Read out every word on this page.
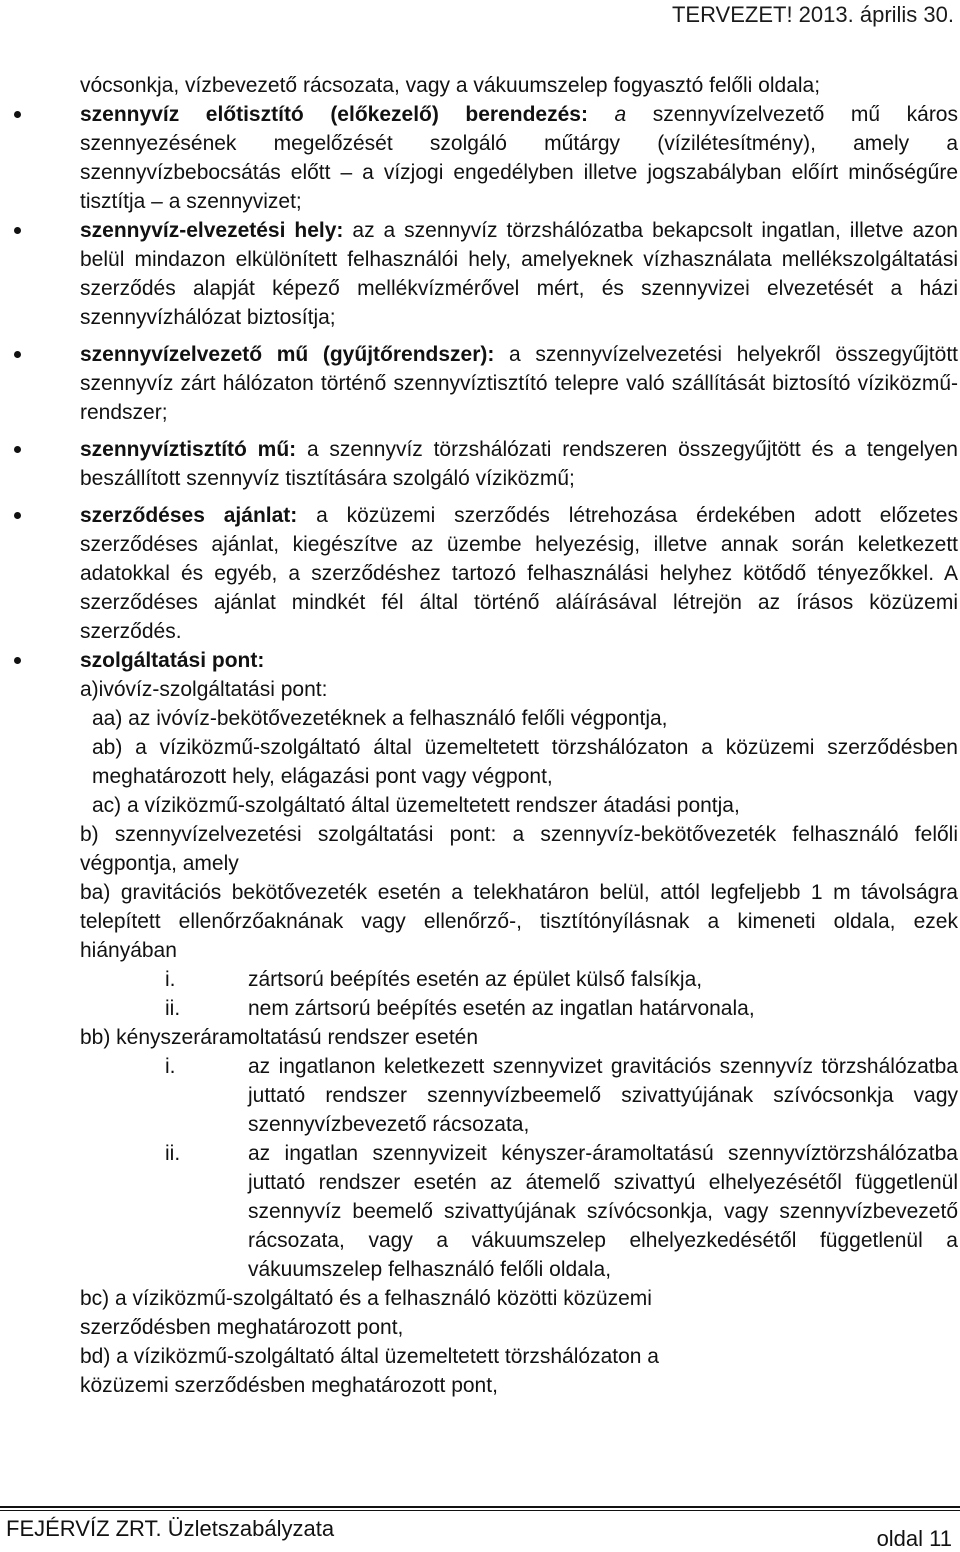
TERVEZET! 2013. április 30.

vócsonkja, vízbevezető rácsozata, vagy a vákuumszelep fogyasztó felőli oldala;

szennyvíz előtisztító (előkezelő) berendezés: a szennyvízelvezető mű káros szennyezésének megelőzését szolgáló műtárgy (vízilétesítmény), amely a szennyvízbebocsátás előtt – a vízjogi engedélyben illetve jogszabályban előírt minőségűre tisztítja – a szennyvizet;

szennyvíz-elvezetési hely: az a szennyvíz törzshálózatba bekapcsolt ingatlan, illetve azon belül mindazon elkülönített felhasználói hely, amelyeknek vízhasználata mellékszolgáltatási szerződés alapját képező mellékvízmérővel mért, és szennyvizei elvezetését a házi szennyvízhálózat biztosítja;

szennyvízelvezető mű (gyűjtőrendszer): a szennyvízelvezetési helyekről összegyűjtött szennyvíz zárt hálózaton történő szennyvíztisztító telepre való szállítását biztosító víziközmű-rendszer;

szennyvíztisztító mű: a szennyvíz törzshálózati rendszeren összegyűjtött és a tengelyen beszállított szennyvíz tisztítására szolgáló víziközmű;

szerződéses ajánlat: a közüzemi szerződés létrehozása érdekében adott előzetes szerződéses ajánlat, kiegészítve az üzembe helyezésig, illetve annak során keletkezett adatokkal és egyéb, a szerződéshez tartozó felhasználási helyhez kötődő tényezőkkel. A szerződéses ajánlat mindkét fél által történő aláírásával létrejön az írásos közüzemi szerződés.

szolgáltatási pont:

a)ivóvíz-szolgáltatási pont:

aa) az ivóvíz-bekötővezetéknek a felhasználó felőli végpontja,

ab) a víziközmű-szolgáltató által üzemeltetett törzshálózaton a közüzemi szerződésben meghatározott hely, elágazási pont vagy végpont,

ac) a víziközmű-szolgáltató által üzemeltetett rendszer átadási pontja,

b) szennyvízelvezetési szolgáltatási pont: a szennyvíz-bekötővezeték felhasználó felőli végpontja, amely

ba) gravitációs bekötővezeték esetén a telekhatáron belül, attól legfeljebb 1 m távolságra telepített ellenőrzőaknának vagy ellenőrző-, tisztítónyílásnak a kimeneti oldala, ezek hiányában

i.	zártsorú beépítés esetén az épület külső falsíkja,

ii.	nem zártsorú beépítés esetén az ingatlan határvonala,

bb) kényszeráramoltatású rendszer esetén

i.	az ingatlanon keletkezett szennyvizet gravitációs szennyvíz törzshálózatba juttató rendszer szennyvízbeemelő szivattyújának szívócsonkja vagy szennyvízbevezető rácsozata,

ii.	az ingatlan szennyvizeit kényszer-áramoltatású szennyvíztörzshálózatba juttató rendszer esetén az átemelő szivattyú elhelyezésétől függetlenül szennyvíz beemelő szivattyújának szívócsonkja, vagy szennyvízbevezető rácsozata, vagy a vákuumszelep elhelyezkedésétől függetlenül a vákuumszelep felhasználó felőli oldala,

bc) a víziközmű-szolgáltató és a felhasználó közötti közüzemi szerződésben meghatározott pont,

bd) a víziközmű-szolgáltató által üzemeltetett törzshálózaton a közüzemi szerződésben meghatározott pont,

FEJÉRVÍZ ZRT. Üzletszabályzata	oldal 11
